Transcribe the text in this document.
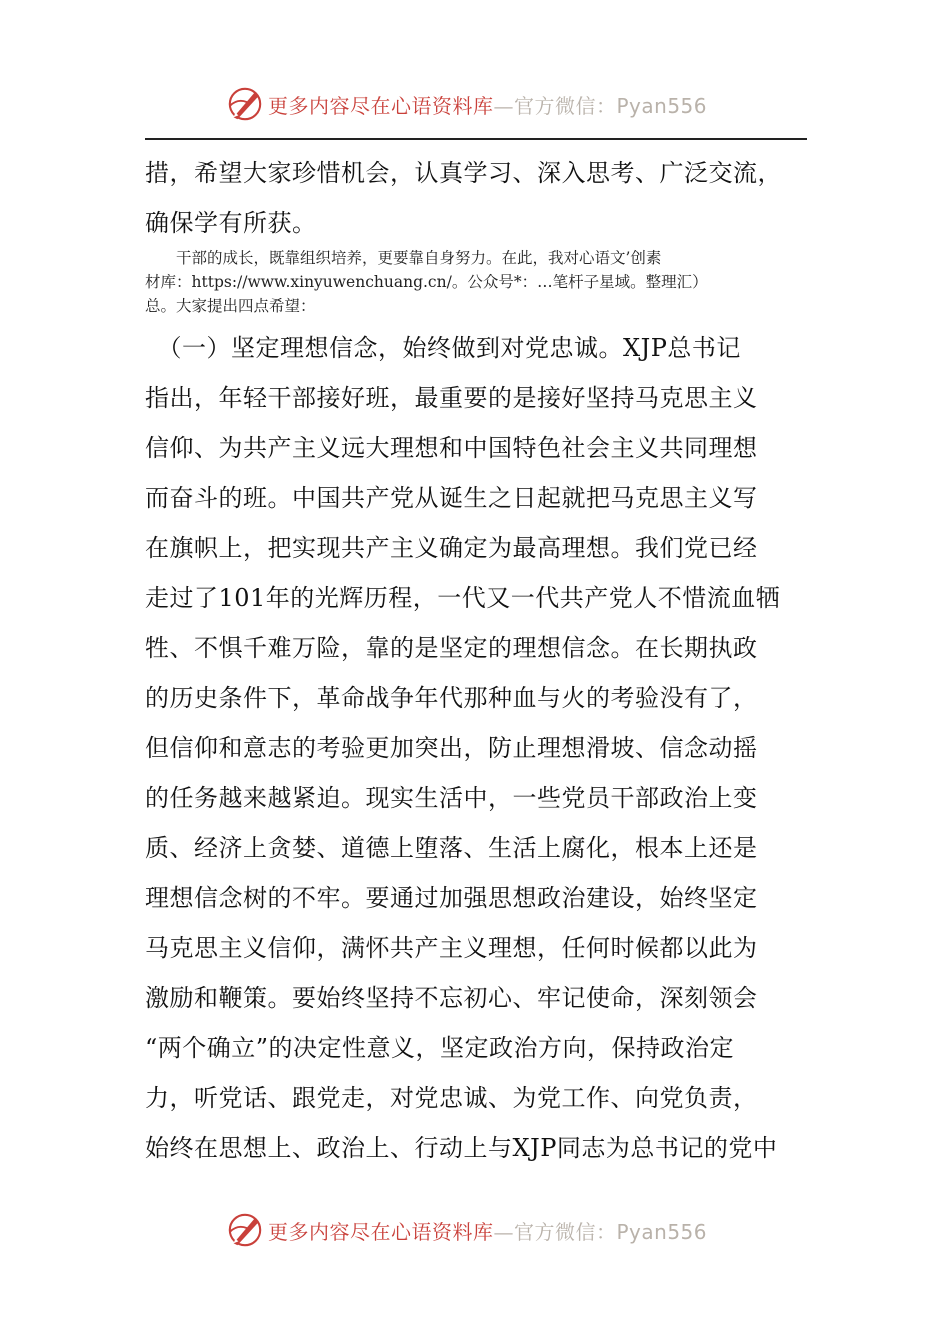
更多内容尽在心语资料库—官方微信：Pyan556

措，希望大家珍惜机会，认真学习、深入思考、广泛交流，

确保学有所获。

　　干部的成长，既靠组织培养，更要靠自身努力。在此，我对心语文’创素

材库：https://www.xinyuwenchuang.cn/。公众号*：…笔杆子星域。整理汇）

总。大家提出四点希望：

　（一）坚定理想信念，始终做到对党忠诚。XJP总书记

指出，年轻干部接好班，最重要的是接好坚持马克思主义

信仰、为共产主义远大理想和中国特色社会主义共同理想

而奋斗的班。中国共产党从诞生之日起就把马克思主义写

在旗帜上，把实现共产主义确定为最高理想。我们党已经

走过了101年的光辉历程，一代又一代共产党人不惜流血牺

牲、不惧千难万险，靠的是坚定的理想信念。在长期执政

的历史条件下，革命战争年代那种血与火的考验没有了，

但信仰和意志的考验更加突出，防止理想滑坡、信念动摇

的任务越来越紧迫。现实生活中，一些党员干部政治上变

质、经济上贪婪、道德上堕落、生活上腐化，根本上还是

理想信念树的不牢。要通过加强思想政治建设，始终坚定

马克思主义信仰，满怀共产主义理想，任何时候都以此为

激励和鞭策。要始终坚持不忘初心、牢记使命，深刻领会

“两个确立”的决定性意义，坚定政治方向，保持政治定

力，听党话、跟党走，对党忠诚、为党工作、向党负责，

始终在思想上、政治上、行动上与XJP同志为总书记的党中

更多内容尽在心语资料库—官方微信：Pyan556
